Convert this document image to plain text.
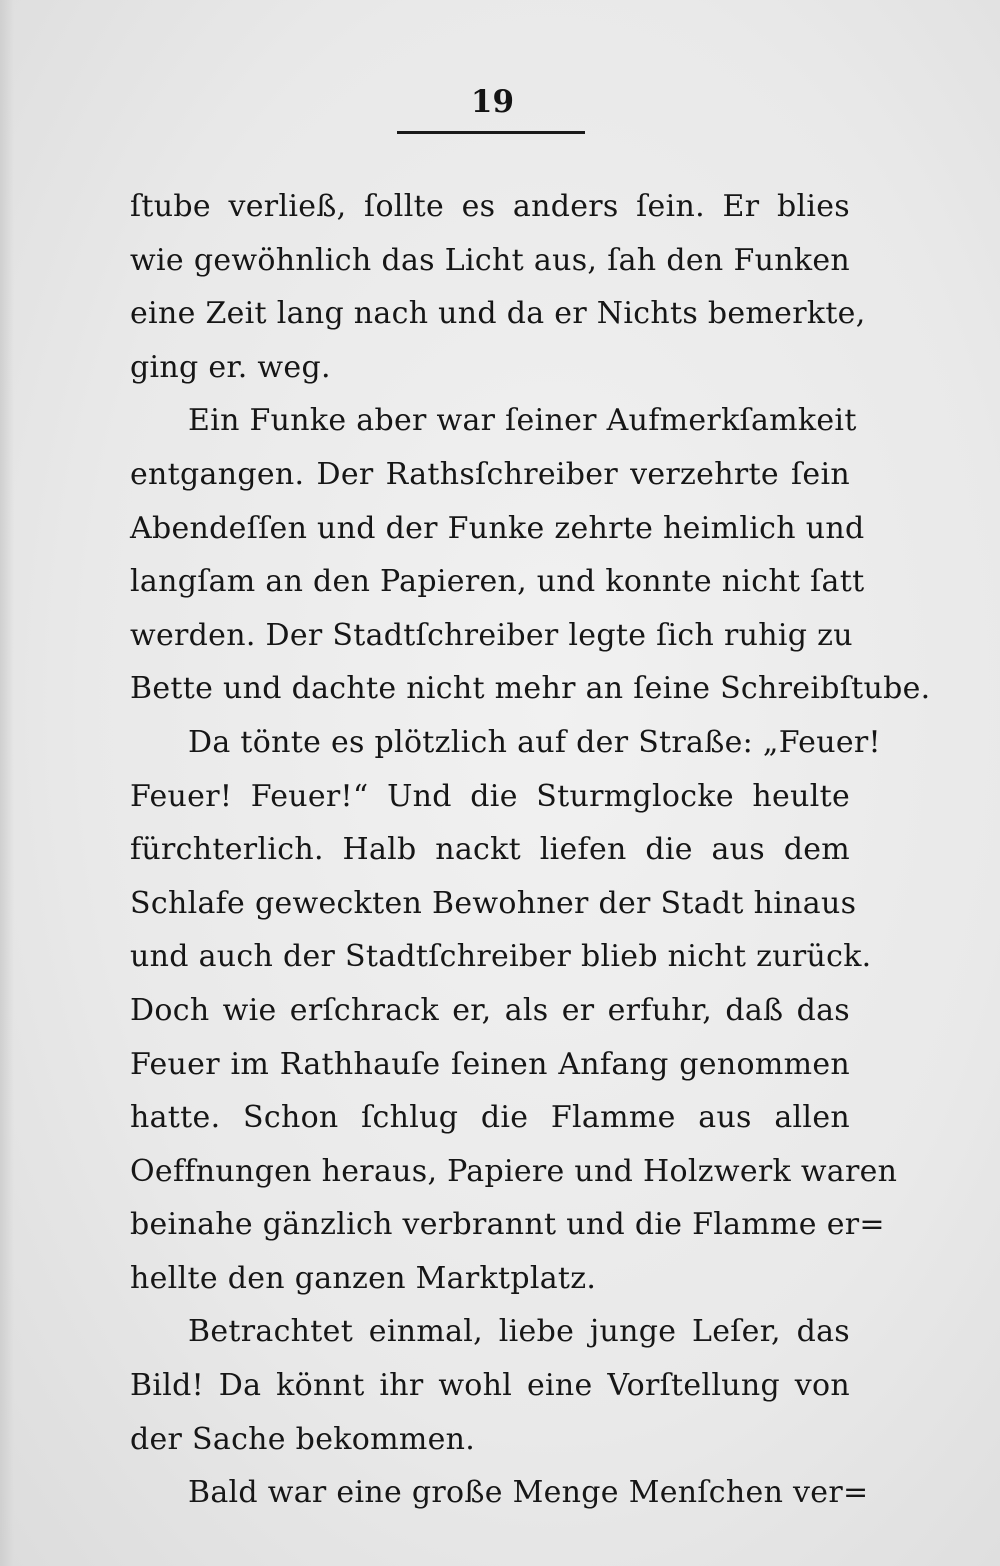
19

ſtube verließ, ſollte es anders ſein. Er blies
wie gewöhnlich das Licht aus, ſah den Funken
eine Zeit lang nach und da er Nichts bemerkte,
ging er. weg.

Ein Funke aber war ſeiner Aufmerkſamkeit
entgangen. Der Rathsſchreiber verzehrte ſein
Abendeſſen und der Funke zehrte heimlich und
langſam an den Papieren, und konnte nicht ſatt
werden. Der Stadtſchreiber legte ſich ruhig zu
Bette und dachte nicht mehr an ſeine Schreibſtube.

Da tönte es plötzlich auf der Straße: „Feuer!
Feuer! Feuer!“ Und die Sturmglocke heulte
fürchterlich. Halb nackt liefen die aus dem
Schlafe geweckten Bewohner der Stadt hinaus
und auch der Stadtſchreiber blieb nicht zurück.
Doch wie erſchrack er, als er erfuhr, daß das
Feuer im Rathhauſe ſeinen Anfang genommen
hatte. Schon ſchlug die Flamme aus allen
Oeffnungen heraus, Papiere und Holzwerk waren
beinahe gänzlich verbrannt und die Flamme er=
hellte den ganzen Marktplatz.

Betrachtet einmal, liebe junge Leſer, das
Bild! Da könnt ihr wohl eine Vorſtellung von
der Sache bekommen.

Bald war eine große Menge Menſchen ver=
